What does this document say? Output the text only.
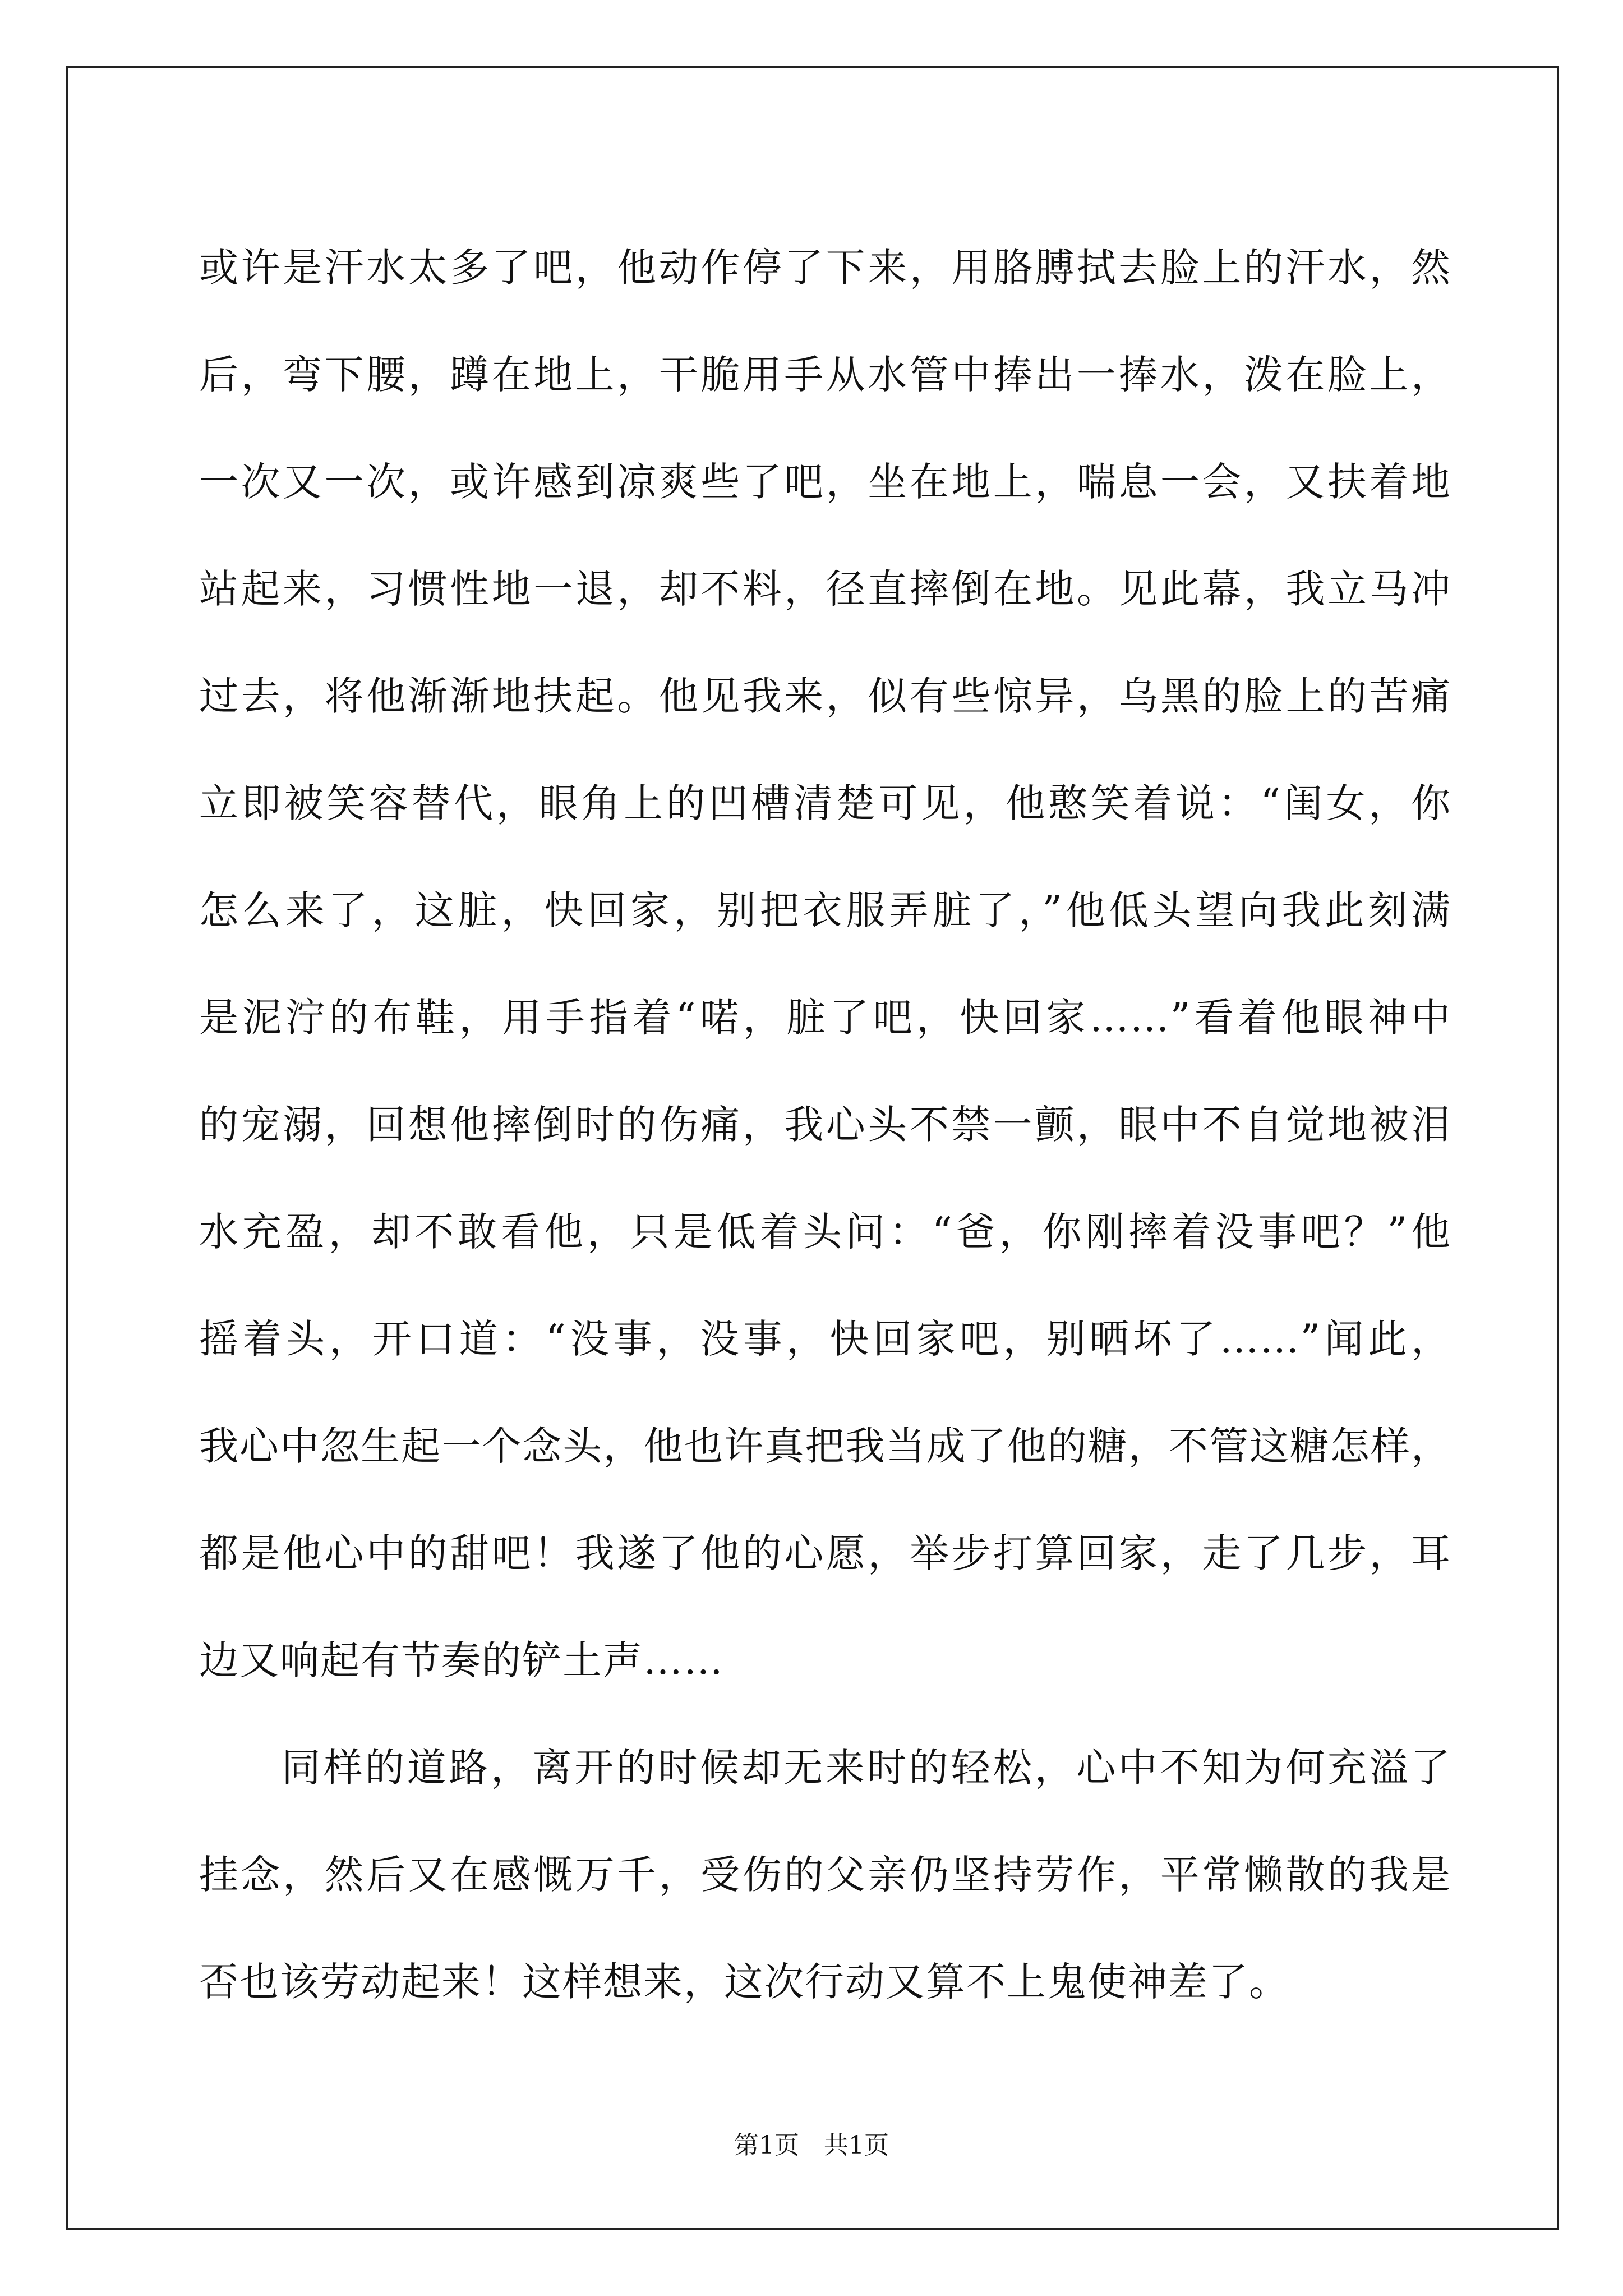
或许是汗水太多了吧，他动作停了下来，用胳膊拭去脸上的汗水，然
后，弯下腰，蹲在地上，干脆用手从水管中捧出一捧水，泼在脸上，
一次又一次，或许感到凉爽些了吧，坐在地上，喘息一会，又扶着地
站起来，习惯性地一退，却不料，径直摔倒在地。见此幕，我立马冲
过去，将他渐渐地扶起。他见我来，似有些惊异，乌黑的脸上的苦痛
立即被笑容替代，眼角上的凹槽清楚可见，他憨笑着说：“闺女，你
怎么来了，这脏，快回家，别把衣服弄脏了，”他低头望向我此刻满
是泥泞的布鞋，用手指着“喏，脏了吧，快回家……”看着他眼神中
的宠溺，回想他摔倒时的伤痛，我心头不禁一颤，眼中不自觉地被泪
水充盈，却不敢看他，只是低着头问：“爸，你刚摔着没事吧？”他
摇着头，开口道：“没事，没事，快回家吧，别晒坏了……”闻此，
我心中忽生起一个念头，他也许真把我当成了他的糖，不管这糖怎样，
都是他心中的甜吧！我遂了他的心愿，举步打算回家，走了几步，耳
边又响起有节奏的铲土声……

同样的道路，离开的时候却无来时的轻松，心中不知为何充溢了
挂念，然后又在感慨万千，受伤的父亲仍坚持劳作，平常懒散的我是
否也该劳动起来！这样想来，这次行动又算不上鬼使神差了。

第1页　共1页
